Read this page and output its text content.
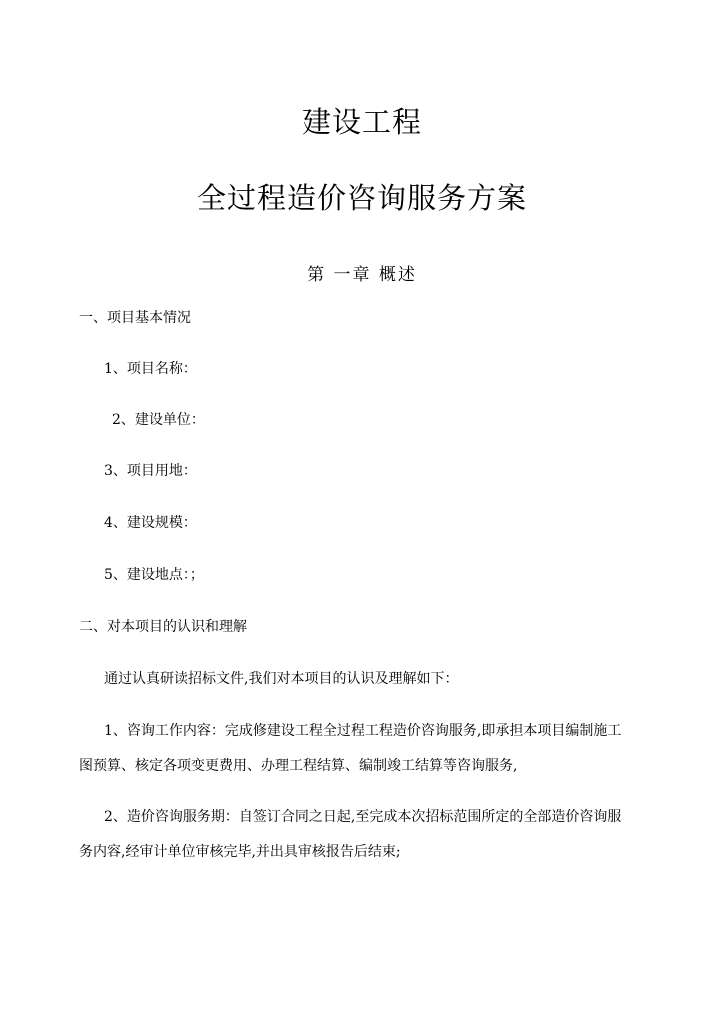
建设工程
全过程造价咨询服务方案
第 一章 概述
一、项目基本情况
1、项目名称：
2、建设单位：
3、项目用地：
4、建设规模：
5、建设地点：；
二、对本项目的认识和理解
通过认真研读招标文件,我们对本项目的认识及理解如下：
1、咨询工作内容：完成修建设工程全过程工程造价咨询服务,即承担本项目编制施工
图预算、核定各项变更费用、办理工程结算、编制竣工结算等咨询服务,
2、造价咨询服务期：自签订合同之日起,至完成本次招标范围所定的全部造价咨询服
务内容,经审计单位审核完毕,并出具审核报告后结束;
